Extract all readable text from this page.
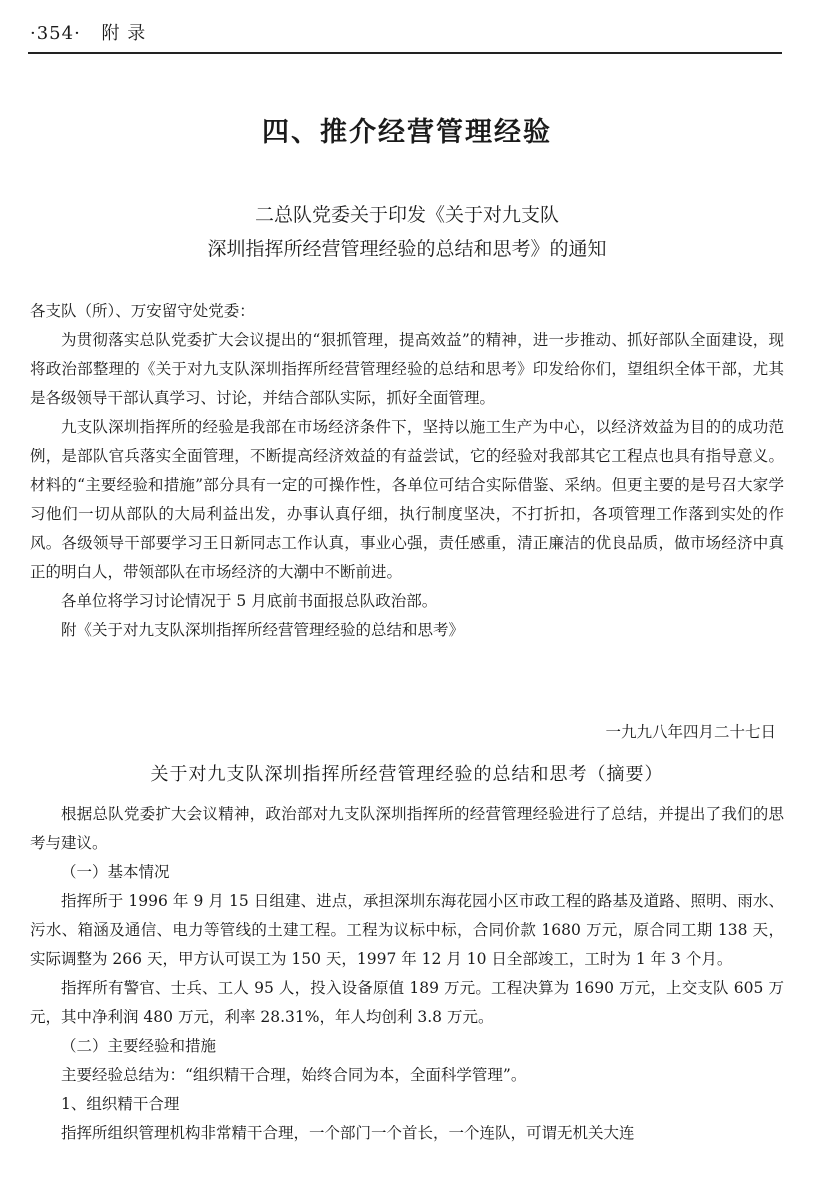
·354· 附 录
四、推介经营管理经验
二总队党委关于印发《关于对九支队
深圳指挥所经营管理经验的总结和思考》的通知

各支队（所）、万安留守处党委：

为贯彻落实总队党委扩大会议提出的“狠抓管理，提高效益”的精神，进一步推动、抓好部队全面建设，现将政治部整理的《关于对九支队深圳指挥所经营管理经验的总结和思考》印发给你们，望组织全体干部，尤其是各级领导干部认真学习、讨论，并结合部队实际，抓好全面管理。

九支队深圳指挥所的经验是我部在市场经济条件下，坚持以施工生产为中心，以经济效益为目的的成功范例，是部队官兵落实全面管理，不断提高经济效益的有益尝试，它的经验对我部其它工程点也具有指导意义。材料的“主要经验和措施”部分具有一定的可操作性，各单位可结合实际借鉴、采纳。但更主要的是号召大家学习他们一切从部队的大局利益出发，办事认真仔细，执行制度坚决，不打折扣，各项管理工作落到实处的作风。各级领导干部要学习王日新同志工作认真，事业心强，责任感重，清正廉洁的优良品质，做市场经济中真正的明白人，带领部队在市场经济的大潮中不断前进。

各单位将学习讨论情况于 5 月底前书面报总队政治部。

附《关于对九支队深圳指挥所经营管理经验的总结和思考》

一九九八年四月二十七日
关于对九支队深圳指挥所经营管理经验的总结和思考（摘要）

根据总队党委扩大会议精神，政治部对九支队深圳指挥所的经营管理经验进行了总结，并提出了我们的思考与建议。

（一）基本情况

指挥所于 1996 年 9 月 15 日组建、进点，承担深圳东海花园小区市政工程的路基及道路、照明、雨水、污水、箱涵及通信、电力等管线的土建工程。工程为议标中标，合同价款 1680 万元，原合同工期 138 天，实际调整为 266 天，甲方认可误工为 150 天，1997 年 12 月 10 日全部竣工，工时为 1 年 3 个月。

指挥所有警官、士兵、工人 95 人，投入设备原值 189 万元。工程决算为 1690 万元，上交支队 605 万元，其中净利润 480 万元，利率 28.31%，年人均创利 3.8 万元。

（二）主要经验和措施

主要经验总结为：“组织精干合理，始终合同为本，全面科学管理”。

1、组织精干合理

指挥所组织管理机构非常精干合理，一个部门一个首长，一个连队，可谓无机关大连
